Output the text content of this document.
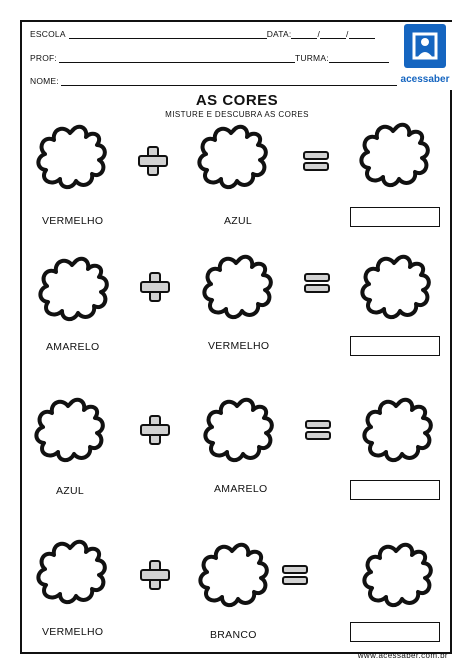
ESCOLA	DATA:	/	/
PROF:	TURMA:
NOME:	acessaber
AS CORES
MISTURE E DESCUBRA AS CORES
VERMELHO	AZUL
AMARELO	VERMELHO
AZUL	AMARELO
VERMELHO	BRANCO
www.acessaber.com.br
